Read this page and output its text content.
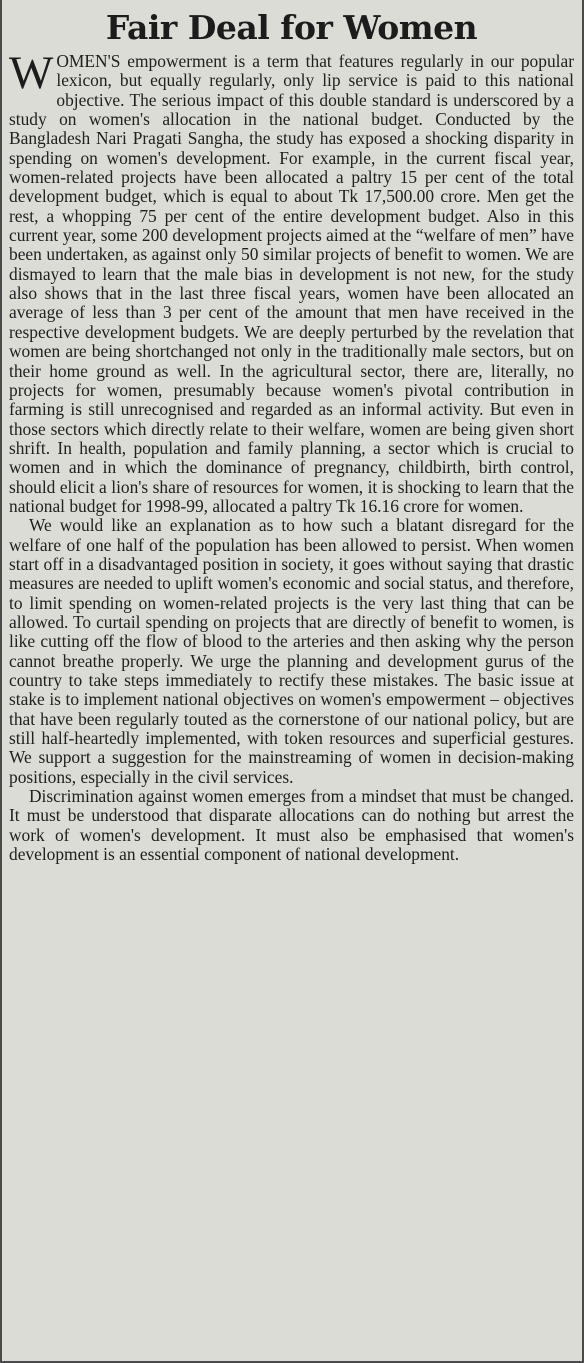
Fair Deal for Women

WOMEN'S empowerment is a term that features regularly in our popular lexicon, but equally regularly, only lip service is paid to this national objective. The serious impact of this double standard is underscored by a study on women's allocation in the national budget. Conducted by the Bangladesh Nari Pragati Sangha, the study has exposed a shocking disparity in spending on women's development. For example, in the current fiscal year, women-related projects have been allocated a paltry 15 per cent of the total development budget, which is equal to about Tk 17,500.00 crore. Men get the rest, a whopping 75 per cent of the entire development budget. Also in this current year, some 200 development projects aimed at the “welfare of men” have been undertaken, as against only 50 similar projects of benefit to women. We are dismayed to learn that the male bias in development is not new, for the study also shows that in the last three fiscal years, women have been allocated an average of less than 3 per cent of the amount that men have received in the respective development budgets. We are deeply perturbed by the revelation that women are being shortchanged not only in the traditionally male sectors, but on their home ground as well. In the agricultural sector, there are, literally, no projects for women, presumably because women's pivotal contribution in farming is still unrecognised and regarded as an informal activity. But even in those sectors which directly relate to their welfare, women are being given short shrift. In health, population and family planning, a sector which is crucial to women and in which the dominance of pregnancy, childbirth, birth control, should elicit a lion's share of resources for women, it is shocking to learn that the national budget for 1998-99, allocated a paltry Tk 16.16 crore for women.

We would like an explanation as to how such a blatant disregard for the welfare of one half of the population has been allowed to persist. When women start off in a disadvantaged position in society, it goes without saying that drastic measures are needed to uplift women's economic and social status, and therefore, to limit spending on women-related projects is the very last thing that can be allowed. To curtail spending on projects that are directly of benefit to women, is like cutting off the flow of blood to the arteries and then asking why the person cannot breathe properly. We urge the planning and development gurus of the country to take steps immediately to rectify these mistakes. The basic issue at stake is to implement national objectives on women's empowerment – objectives that have been regularly touted as the cornerstone of our national policy, but are still half-heartedly implemented, with token resources and superficial gestures. We support a suggestion for the mainstreaming of women in decision-making positions, especially in the civil services.

Discrimination against women emerges from a mindset that must be changed. It must be understood that disparate allocations can do nothing but arrest the work of women's development. It must also be emphasised that women's development is an essential component of national development.
